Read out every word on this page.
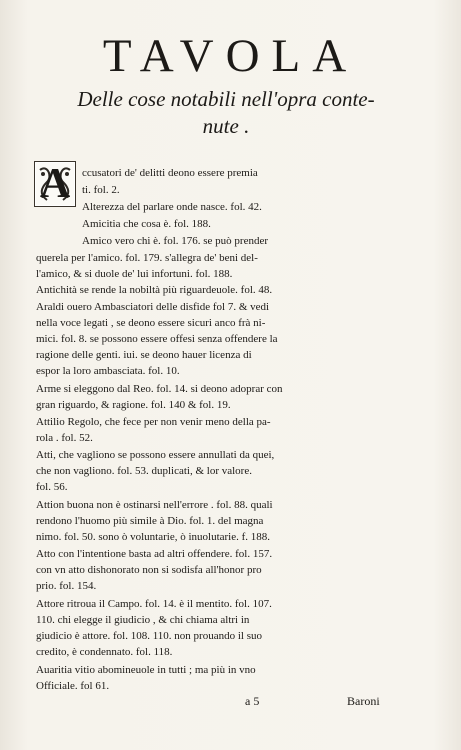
TAVOLA
Delle cose notabili nell'opra conte-
nute .
A	ccusatori de' delitti deono essere premia
ti. fol. 2.
Alterezza del parlare onde nasce. fol. 42.
Amicitia che cosa è. fol. 188.
Amico vero chi è. fol. 176. se può prender
querela per l'amico. fol. 179. s'allegra de' beni del-
l'amico, & si duole de' lui infortuni. fol. 188.
Antichità se rende la nobiltà più riguardeuole. fol. 48.
Araldi ouero Ambasciatori delle disfide fol 7. & vedi
nella voce legati , se deono essere sicuri anco frà ni-
mici. fol. 8. se possono essere offesi senza offendere la
ragione delle genti. iui. se deono hauer licenza di
espor la loro ambasciata. fol. 10.
Arme si eleggono dal Reo. fol. 14. si deono adoprar con
gran riguardo, & ragione. fol. 140 & fol. 19.
Attilio Regolo, che fece per non venir meno della pa-
rola . fol. 52.
Atti, che vagliono se possono essere annullati da quei,
che non vagliono. fol. 53. duplicati, & lor valore.
fol. 56.
Attion buona non è ostinarsi nell'errore . fol. 88. quali
rendono l'huomo più simile à Dio. fol. 1. del magna
nimo. fol. 50. sono ò voluntarie, ò inuolutarie. f. 188.
Atto con l'intentione basta ad altri offendere. fol. 157.
con vn atto dishonorato non si sodisfa all'honor pro
prio. fol. 154.
Attore ritroua il Campo. fol. 14. è il mentito. fol. 107.
110. chi elegge il giudicio , & chi chiama altri in
giudicio è attore. fol. 108. 110. non prouando il suo
credito, è condennato. fol. 118.
Auaritia vitio abomineuole in tutti ; ma più in vno
Officiale. fol 61.
a 5	Baroni
